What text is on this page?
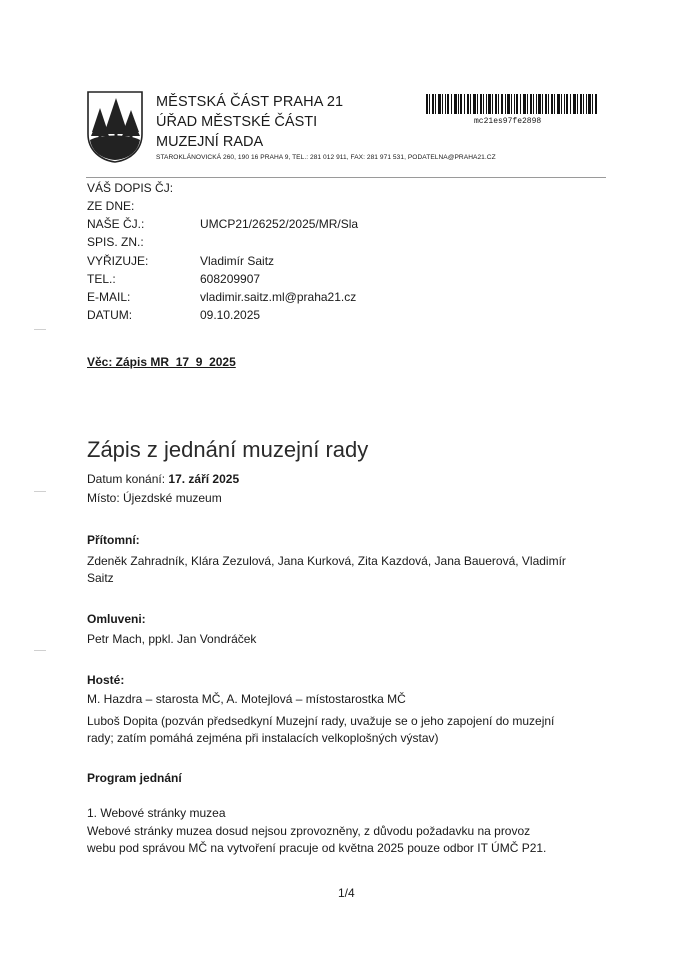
MĚSTSKÁ ČÁST PRAHA 21
ÚŘAD MĚSTSKÉ ČÁSTI
MUZEJNÍ RADA
STAROKLÁNOVICKÁ 260, 190 16 PRAHA 9, TEL.: 281 012 911, FAX: 281 971 531, PODATELNA@PRAHA21.CZ
mc21es97fe2898
VÁŠ DOPIS ČJ:
ZE DNE:
NAŠE ČJ.:	UMCP21/26252/2025/MR/Sla
SPIS. ZN.:
VYŘIZUJE:	Vladimír Saitz
TEL.:	608209907
E-MAIL:	vladimir.saitz.ml@praha21.cz
DATUM:	09.10.2025
Věc: Zápis MR_17_9_2025
Zápis z jednání muzejní rady
Datum konání: 17. září 2025
Místo: Újezdské muzeum
Přítomní:
Zdeněk Zahradník, Klára Zezulová, Jana Kurková, Zita Kazdová, Jana Bauerová, Vladimír
Saitz
Omluveni:
Petr Mach, ppkl. Jan Vondráček
Hosté:
M. Hazdra – starosta MČ, A. Motejlová – místostarostka MČ
Luboš Dopita (pozván předsedkyní Muzejní rady, uvažuje se o jeho zapojení do muzejní
rady; zatím pomáhá zejména při instalacích velkoplošných výstav)
Program jednání
1. Webové stránky muzea
Webové stránky muzea dosud nejsou zprovozněny, z důvodu požadavku na provoz
webu pod správou MČ na vytvoření pracuje od května 2025 pouze odbor IT ÚMČ P21.
1/4
